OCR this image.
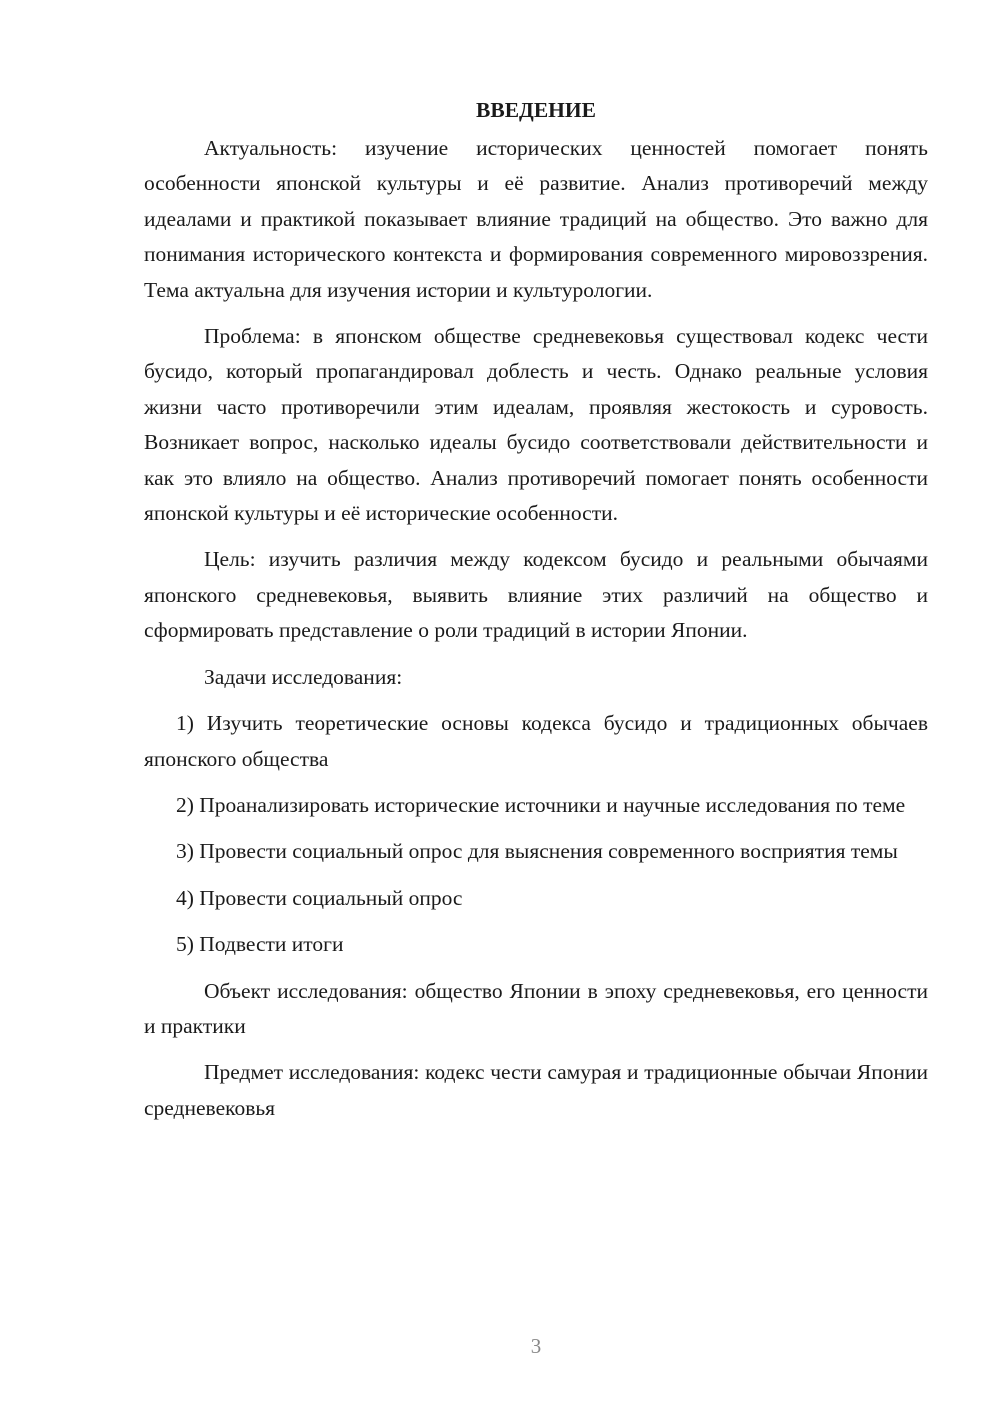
ВВЕДЕНИЕ

Актуальность: изучение исторических ценностей помогает понять особенности японской культуры и её развитие. Анализ противоречий между идеалами и практикой показывает влияние традиций на общество. Это важно для понимания исторического контекста и формирования современного мировоззрения. Тема актуальна для изучения истории и культурологии.

Проблема: в японском обществе средневековья существовал кодекс чести бусидо, который пропагандировал доблесть и честь. Однако реальные условия жизни часто противоречили этим идеалам, проявляя жестокость и суровость. Возникает вопрос, насколько идеалы бусидо соответствовали действительности и как это влияло на общество. Анализ противоречий помогает понять особенности японской культуры и её исторические особенности.

Цель: изучить различия между кодексом бусидо и реальными обычаями японского средневековья, выявить влияние этих различий на общество и сформировать представление о роли традиций в истории Японии.

Задачи исследования:

1) Изучить теоретические основы кодекса бусидо и традиционных обычаев японского общества

2) Проанализировать исторические источники и научные исследования по теме

3) Провести социальный опрос для выяснения современного восприятия темы

4) Провести социальный опрос

5) Подвести итоги

Объект исследования: общество Японии в эпоху средневековья, его ценности и практики

Предмет исследования: кодекс чести самурая и традиционные обычаи Японии средневековья

3
